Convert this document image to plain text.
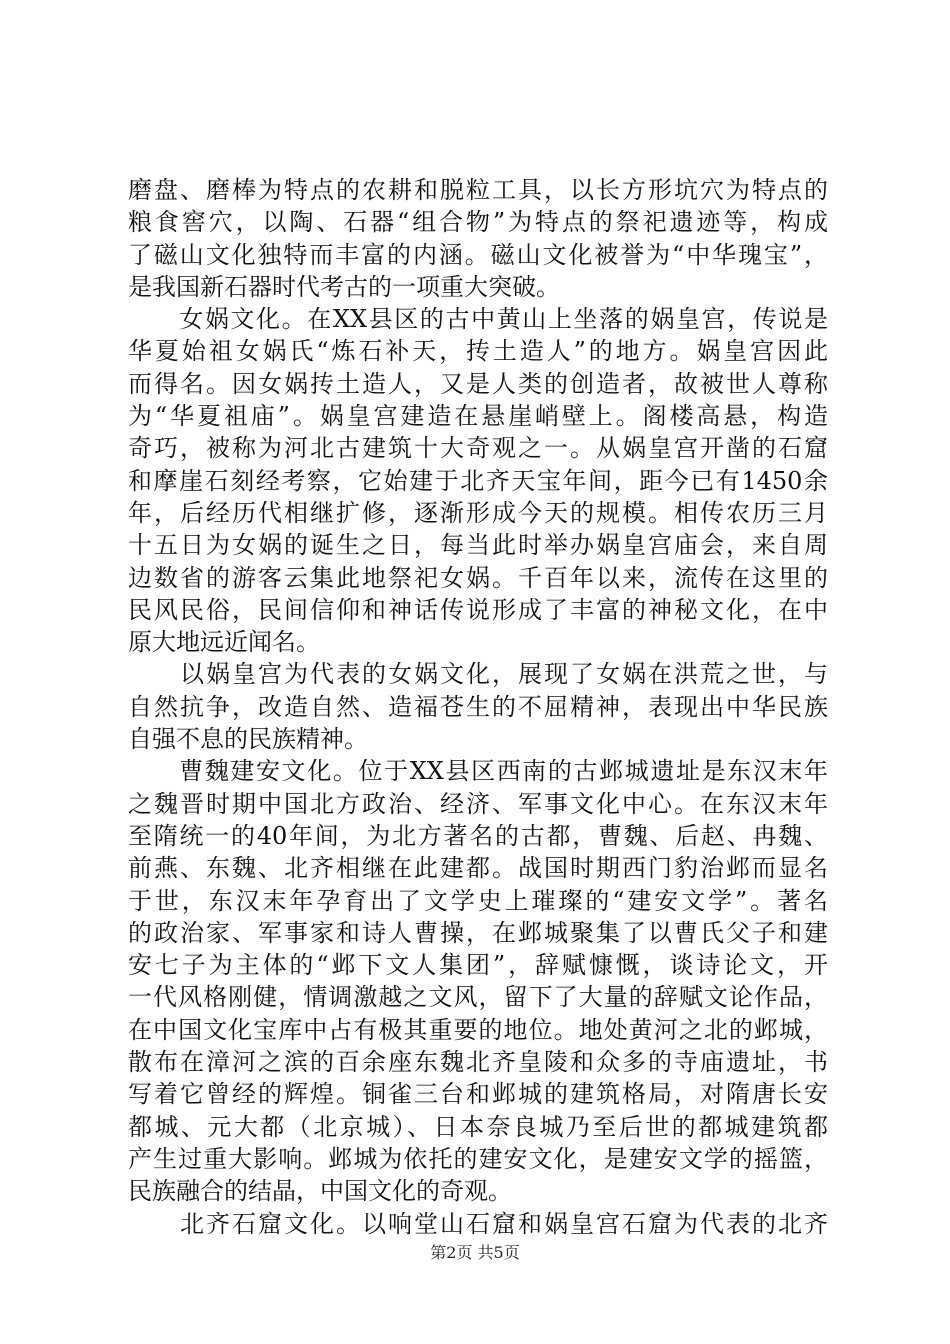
磨盘、磨棒为特点的农耕和脱粒工具，以长方形坑穴为特点的
粮食窖穴，以陶、石器“组合物”为特点的祭祀遗迹等，构成
了磁山文化独特而丰富的内涵。磁山文化被誉为“中华瑰宝”，
是我国新石器时代考古的一项重大突破。
　　女娲文化。在XX县区的古中黄山上坐落的娲皇宫，传说是
华夏始祖女娲氏“炼石补天，抟土造人”的地方。娲皇宫因此
而得名。因女娲抟土造人，又是人类的创造者，故被世人尊称
为“华夏祖庙”。娲皇宫建造在悬崖峭壁上。阁楼高悬，构造
奇巧，被称为河北古建筑十大奇观之一。从娲皇宫开凿的石窟
和摩崖石刻经考察，它始建于北齐天宝年间，距今已有1450余
年，后经历代相继扩修，逐渐形成今天的规模。相传农历三月
十五日为女娲的诞生之日，每当此时举办娲皇宫庙会，来自周
边数省的游客云集此地祭祀女娲。千百年以来，流传在这里的
民风民俗，民间信仰和神话传说形成了丰富的神秘文化，在中
原大地远近闻名。
　　以娲皇宫为代表的女娲文化，展现了女娲在洪荒之世，与
自然抗争，改造自然、造福苍生的不屈精神，表现出中华民族
自强不息的民族精神。
　　曹魏建安文化。位于XX县区西南的古邺城遗址是东汉末年
之魏晋时期中国北方政治、经济、军事文化中心。在东汉末年
至隋统一的40年间，为北方著名的古都，曹魏、后赵、冉魏、
前燕、东魏、北齐相继在此建都。战国时期西门豹治邺而显名
于世，东汉末年孕育出了文学史上璀璨的“建安文学”。著名
的政治家、军事家和诗人曹操，在邺城聚集了以曹氏父子和建
安七子为主体的“邺下文人集团”，辞赋慷慨，谈诗论文，开
一代风格刚健，情调激越之文风，留下了大量的辞赋文论作品，
在中国文化宝库中占有极其重要的地位。地处黄河之北的邺城，
散布在漳河之滨的百余座东魏北齐皇陵和众多的寺庙遗址，书
写着它曾经的辉煌。铜雀三台和邺城的建筑格局，对隋唐长安
都城、元大都（北京城）、日本奈良城乃至后世的都城建筑都
产生过重大影响。邺城为依托的建安文化，是建安文学的摇篮，
民族融合的结晶，中国文化的奇观。
　　北齐石窟文化。以响堂山石窟和娲皇宫石窟为代表的北齐
第2页 共5页
